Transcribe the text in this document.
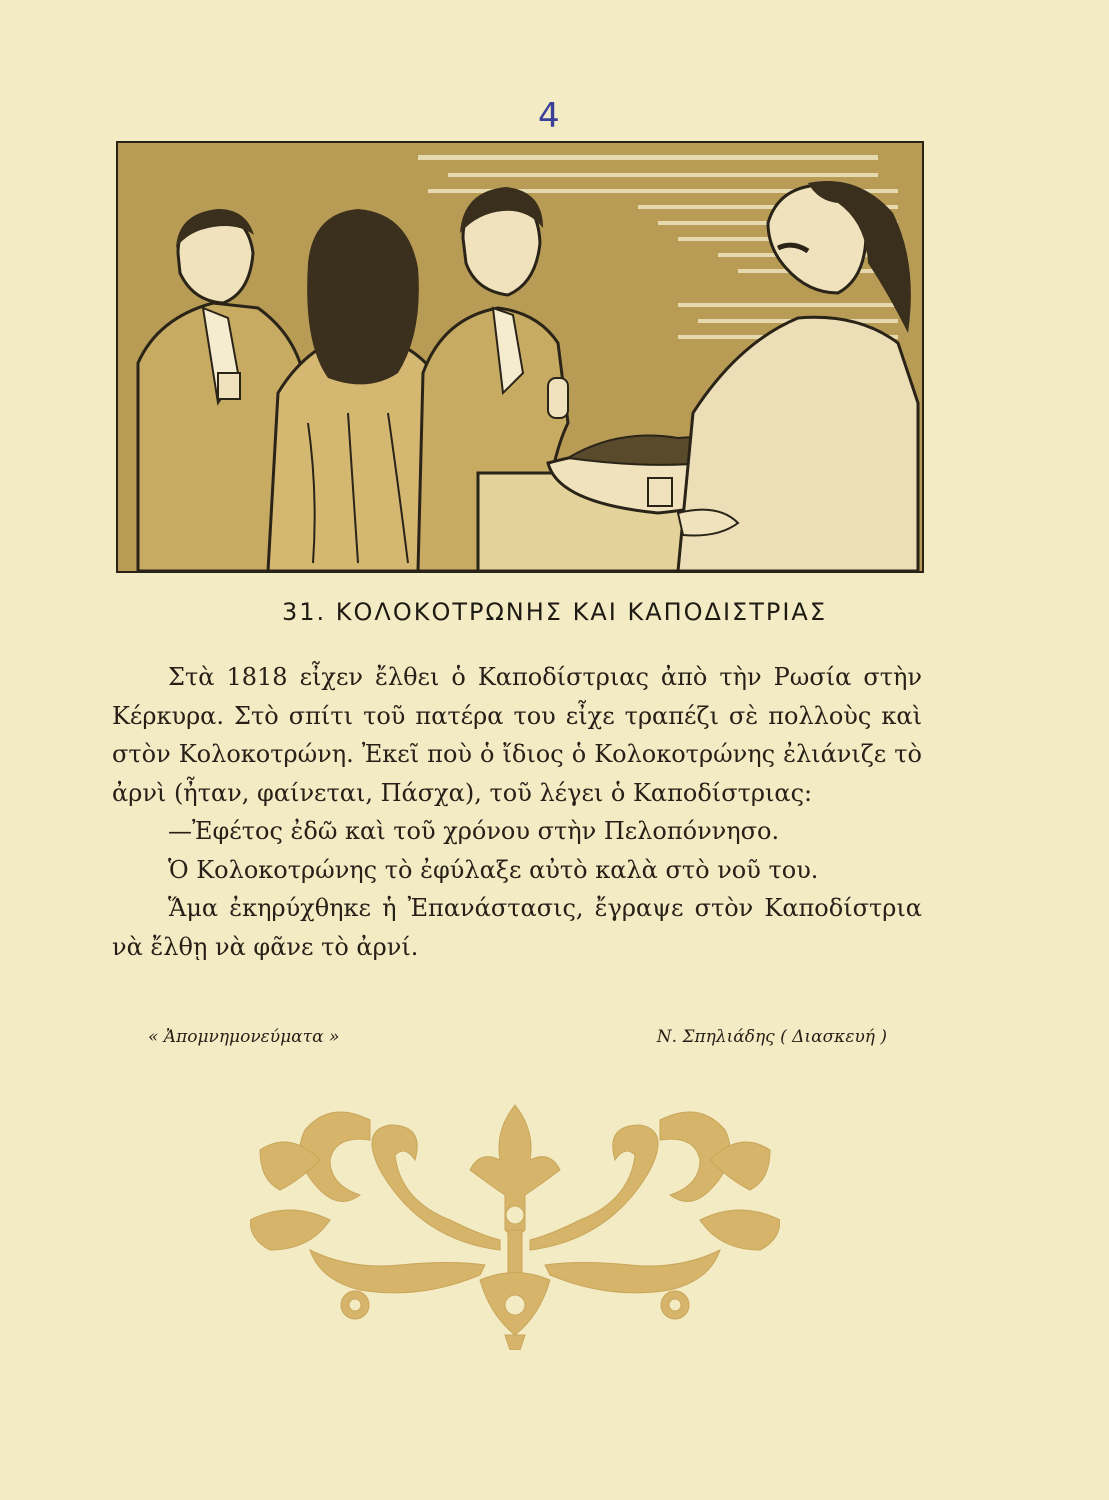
4
31. ΚΟΛΟΚΟΤΡΩΝΗΣ ΚΑΙ ΚΑΠΟΔΙΣΤΡΙΑΣ

Στὰ 1818 εἶχεν ἔλθει ὁ Καποδίστριας ἀπὸ τὴν Ρωσία στὴν Κέρκυρα. Στὸ σπίτι τοῦ πατέρα του εἶχε τραπέζι σὲ πολλοὺς καὶ στὸν Κολοκοτρώνη. Ἐκεῖ ποὺ ὁ ἴδιος ὁ Κολοκοτρώνης ἐλιάνιζε τὸ ἀρνὶ (ἦταν, φαίνεται, Πάσχα), τοῦ λέγει ὁ Καποδίστριας:

—Ἐφέτος ἐδῶ καὶ τοῦ χρόνου στὴν Πελοπόννησο.

Ὁ Κολοκοτρώνης τὸ ἐφύλαξε αὐτὸ καλὰ στὸ νοῦ του.

Ἅμα ἐκηρύχθηκε ἡ Ἐπανάστασις, ἔγραψε στὸν Καποδίστρια νὰ ἔλθῃ νὰ φᾶνε τὸ ἀρνί.

« Ἀπομνημονεύματα »	Ν. Σπηλιάδης ( Διασκευή )
